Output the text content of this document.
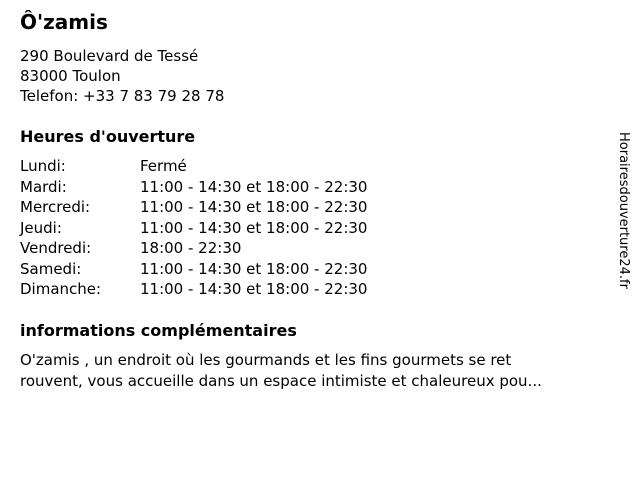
Ô'zamis
290 Boulevard de Tessé
83000 Toulon
Telefon: +33 7 83 79 28 78
Heures d'ouverture
Lundi:	Fermé
Mardi:	11:00 - 14:30 et 18:00 - 22:30
Mercredi:	11:00 - 14:30 et 18:00 - 22:30
Jeudi:	11:00 - 14:30 et 18:00 - 22:30
Vendredi:	18:00 - 22:30
Samedi:	11:00 - 14:30 et 18:00 - 22:30
Dimanche:	11:00 - 14:30 et 18:00 - 22:30
informations complémentaires

O'zamis , un endroit où les gourmands et les fins gourmets se ret
rouvent, vous accueille dans un espace intimiste et chaleureux pou...

Horairesdouverture24.fr
